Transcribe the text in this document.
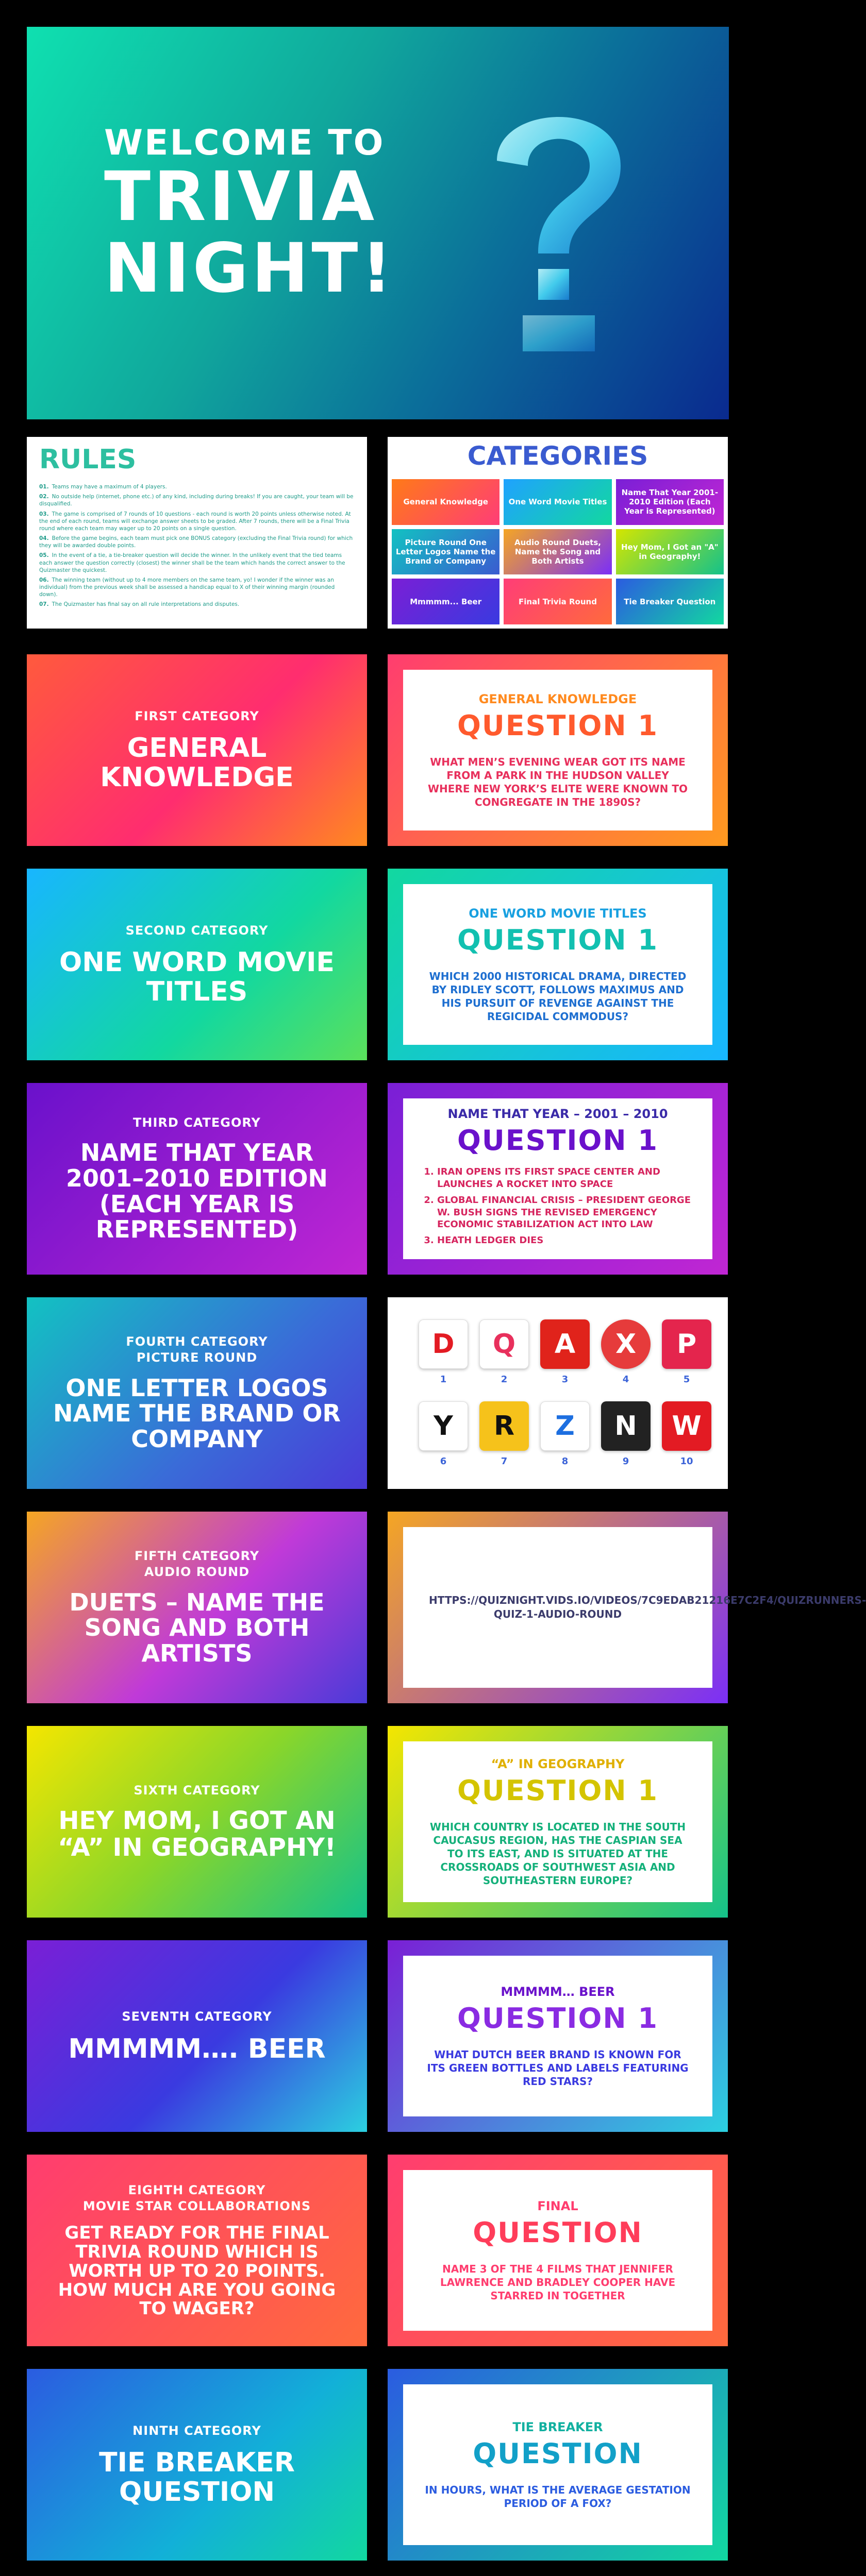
WELCOME TO
TRIVIA
NIGHT!
RULES
01. Teams may have a maximum of 4 players.
02. No outside help (internet, phone etc.) of any kind, including during breaks! If you are caught, your team will be disqualified.
03. The game is comprised of 7 rounds of 10 questions - each round is worth 20 points unless otherwise noted. At the end of each round, teams will exchange answer sheets to be graded. After 7 rounds, there will be a Final Trivia round where each team may wager up to 20 points on a single question.
04. Before the game begins, each team must pick one BONUS category (excluding the Final Trivia round) for which they will be awarded double points.
05. In the event of a tie, a tie-breaker question will decide the winner. In the unlikely event that the tied teams each answer the question correctly (closest) the winner shall be the team which hands the correct answer to the Quizmaster the quickest.
06. The winning team (without up to 4 more members on the same team, yo! I wonder if the winner was an individual) from the previous week shall be assessed a handicap equal to X of their winning margin (rounded down).
07. The Quizmaster has final say on all rule interpretations and disputes.
CATEGORIES
General Knowledge	One Word Movie Titles
Name That Year 2001-2010 Edition (Each Year is Represented)
Picture Round One Letter Logos Name the Brand or Company
Audio Round Duets, Name the Song and Both Artists
Hey Mom, I Got an "A" in Geography!
Mmmmm... Beer	Final Trivia Round	Tie Breaker Question
FIRST CATEGORY
GENERAL KNOWLEDGE
GENERAL KNOWLEDGE
QUESTION 1
WHAT MEN’S EVENING WEAR GOT ITS NAME FROM A PARK IN THE HUDSON VALLEY WHERE NEW YORK’S ELITE WERE KNOWN TO CONGREGATE IN THE 1890S?
SECOND CATEGORY
ONE WORD MOVIE TITLES
ONE WORD MOVIE TITLES
QUESTION 1
WHICH 2000 HISTORICAL DRAMA, DIRECTED BY RIDLEY SCOTT, FOLLOWS MAXIMUS AND HIS PURSUIT OF REVENGE AGAINST THE REGICIDAL COMMODUS?
THIRD CATEGORY
NAME THAT YEAR 2001–2010 EDITION (EACH YEAR IS REPRESENTED)
NAME THAT YEAR – 2001 – 2010
QUESTION 1
1. IRAN OPENS ITS FIRST SPACE CENTER AND LAUNCHES A ROCKET INTO SPACE
2. GLOBAL FINANCIAL CRISIS – PRESIDENT GEORGE W. BUSH SIGNS THE REVISED EMERGENCY ECONOMIC STABILIZATION ACT INTO LAW
3. HEATH LEDGER DIES
FOURTH CATEGORY
PICTURE ROUND
ONE LETTER LOGOS NAME THE BRAND OR COMPANY
D
1
Q
2
A
3
X
4
P
5
Y
6
R
7
Z
8
N
9
W
10
FIFTH CATEGORY
AUDIO ROUND
DUETS – NAME THE SONG AND BOTH ARTISTS
HTTPS://QUIZNIGHT.VIDS.IO/VIDEOS/7C9EDAB21216E7C2F4/QUIZRUNNERS-QUIZ-1-AUDIO-ROUND
SIXTH CATEGORY
HEY MOM, I GOT AN “A” IN GEOGRAPHY!
“A” IN GEOGRAPHY
QUESTION 1
WHICH COUNTRY IS LOCATED IN THE SOUTH CAUCASUS REGION, HAS THE CASPIAN SEA TO ITS EAST, AND IS SITUATED AT THE CROSSROADS OF SOUTHWEST ASIA AND SOUTHEASTERN EUROPE?
SEVENTH CATEGORY
MMMMM…. BEER
MMMMM… BEER
QUESTION 1
WHAT DUTCH BEER BRAND IS KNOWN FOR ITS GREEN BOTTLES AND LABELS FEATURING RED STARS?
EIGHTH CATEGORY
MOVIE STAR COLLABORATIONS
GET READY FOR THE FINAL TRIVIA ROUND WHICH IS WORTH UP TO 20 POINTS. HOW MUCH ARE YOU GOING TO WAGER?
FINAL
QUESTION
NAME 3 OF THE 4 FILMS THAT JENNIFER LAWRENCE AND BRADLEY COOPER HAVE STARRED IN TOGETHER
NINTH CATEGORY
TIE BREAKER QUESTION
TIE BREAKER
QUESTION
IN HOURS, WHAT IS THE AVERAGE GESTATION PERIOD OF A FOX?
